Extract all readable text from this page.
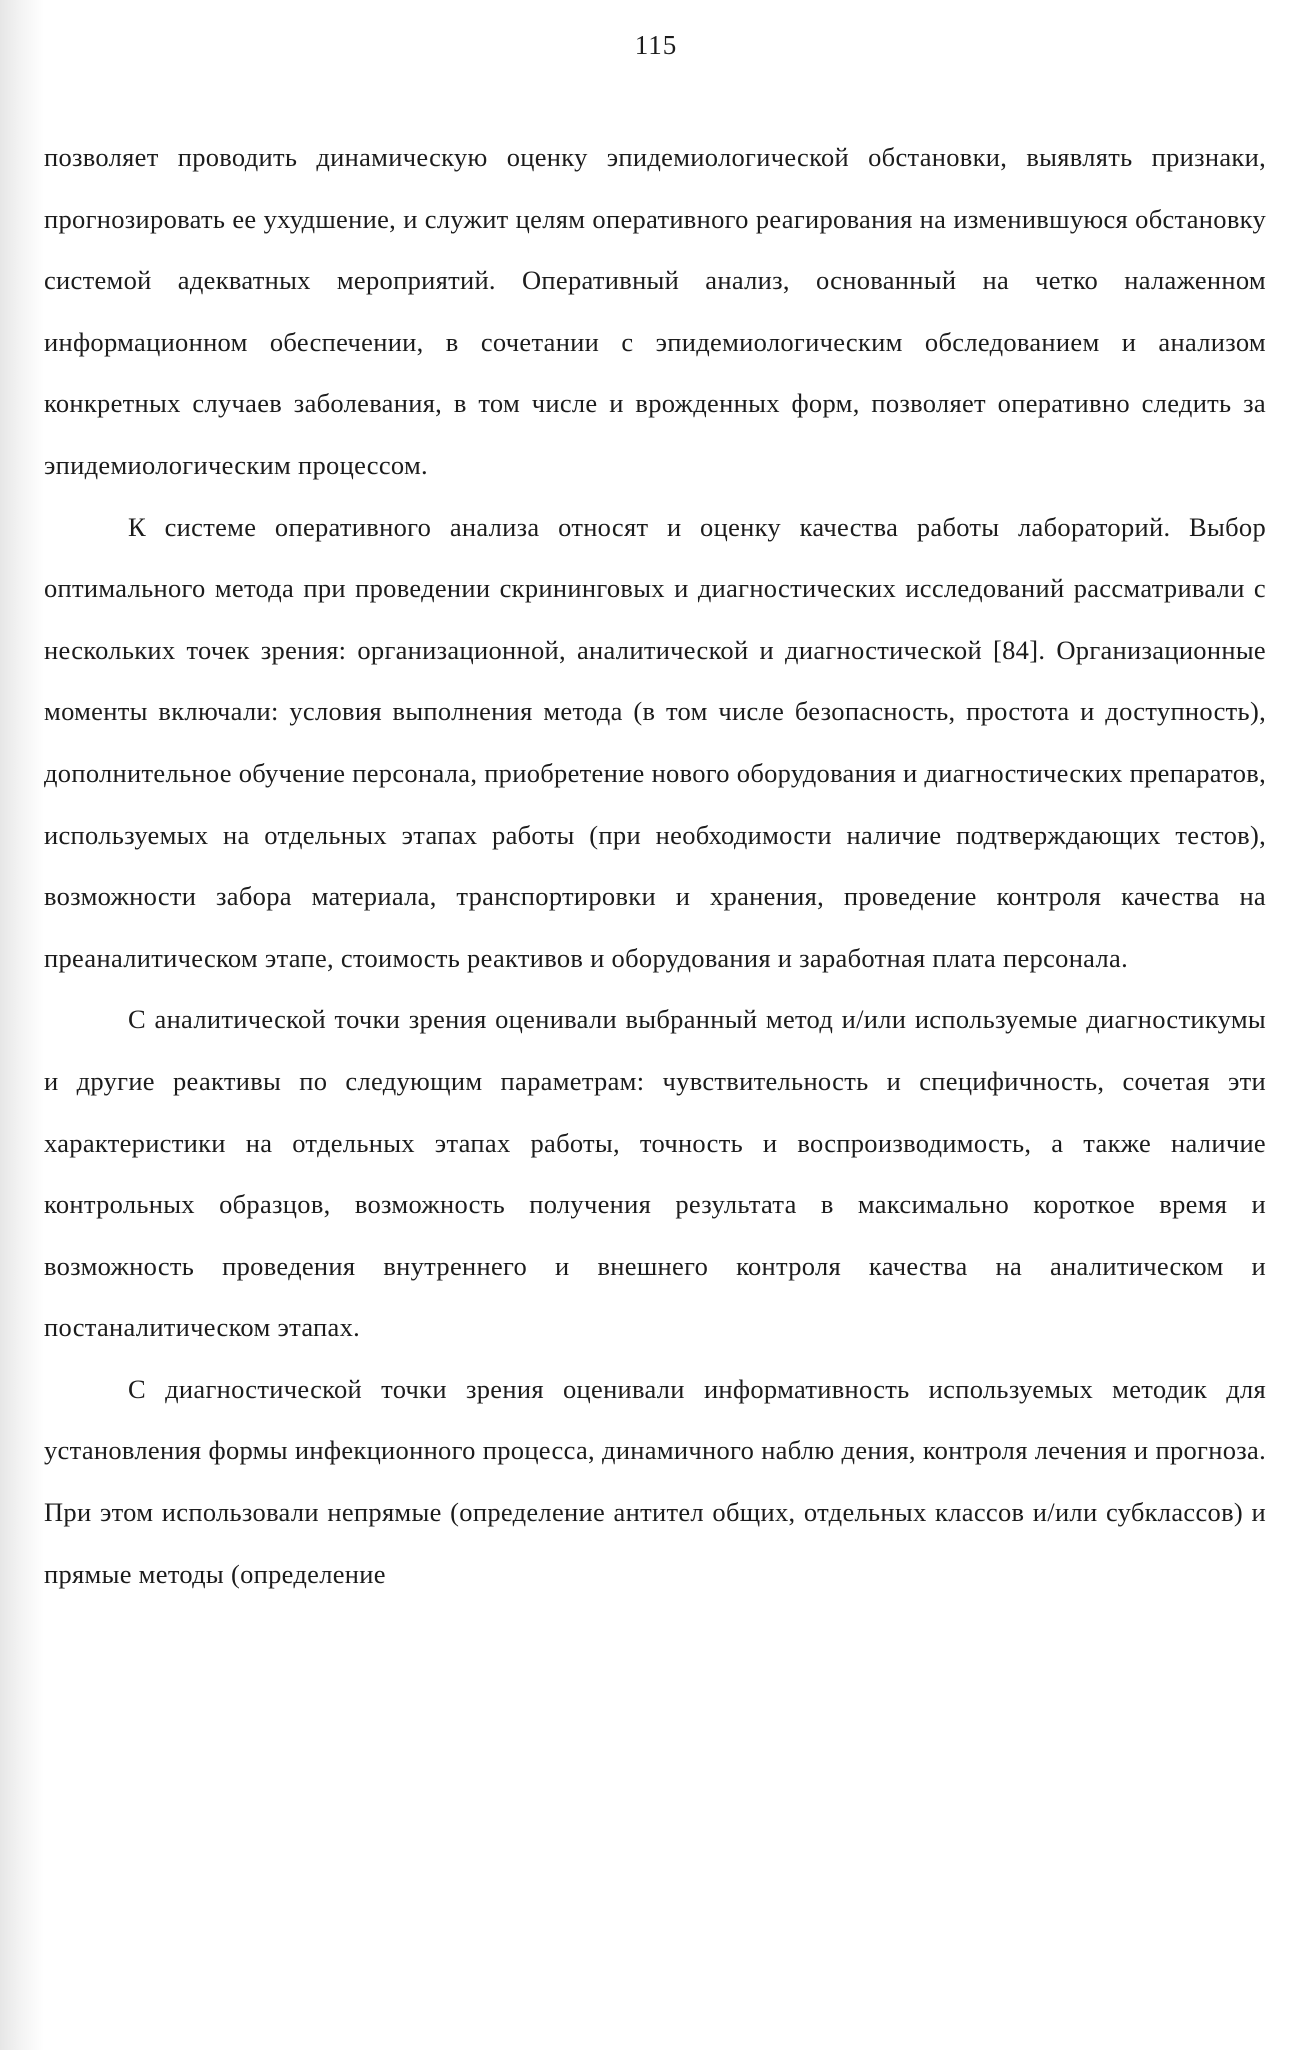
115

позволяет проводить динамическую оценку эпидемиологической обстановки, выявлять признаки, прогнозировать ее ухудшение, и служит целям оперативного реагирования на изменившуюся обстановку системой адекватных мероприятий. Оперативный анализ, основанный на четко налаженном информационном обеспечении, в сочетании с эпидемиологическим обследованием и анализом конкретных случаев заболевания, в том числе и врожденных форм, позволяет оперативно следить за эпидемиологическим процессом.

К системе оперативного анализа относят и оценку качества работы лабораторий. Выбор оптимального метода при проведении скрининговых и диагностических исследований рассматривали с нескольких точек зрения: организационной, аналитической и диагностической [84]. Организационные моменты включали: условия выполнения метода (в том числе безопасность, простота и доступность), дополнительное обучение персонала, приобретение нового оборудования и диагностических препаратов, используемых на отдельных этапах работы (при необходимости наличие подтверждающих тестов), возможности забора материала, транспортировки и хранения, проведение контроля качества на преаналитическом этапе, стоимость реактивов и оборудования и заработная плата персонала.

С аналитической точки зрения оценивали выбранный метод и/или используемые диагностикумы и другие реактивы по следующим параметрам: чувствительность и специфичность, сочетая эти характеристики на отдельных этапах работы, точность и воспроизводимость, а также наличие контрольных образцов, возможность получения результата в максимально короткое время и возможность проведения внутреннего и внешнего контроля качества на аналитическом и постаналитическом этапах.

С диагностической точки зрения оценивали информативность используемых методик для установления формы инфекционного процесса, динамичного наблю дения, контроля лечения и прогноза. При этом использовали непрямые (определение антител общих, отдельных классов и/или субклассов) и прямые методы (определение
